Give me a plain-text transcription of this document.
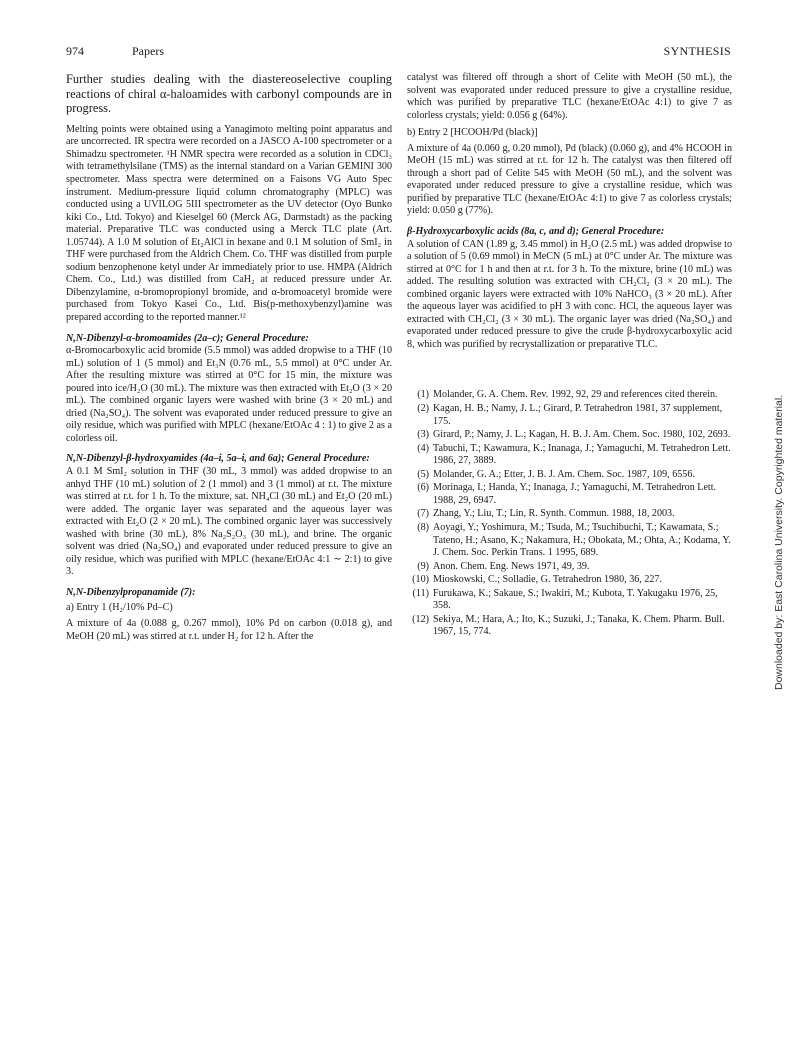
974	Papers	SYNTHESIS

Further studies dealing with the diastereoselective coupling reactions of chiral α-haloamides with carbonyl compounds are in progress.

Melting points were obtained using a Yanagimoto melting point apparatus and are uncorrected. IR spectra were recorded on a JASCO A-100 spectrometer or a Shimadzu spectrometer. ¹H NMR spectra were recorded as a solution in CDCl₃ with tetramethylsilane (TMS) as the internal standard on a Varian GEMINI 300 spectrometer. Mass spectra were determined on a Faisons VG Auto Spec instrument. Medium-pressure liquid column chromatography (MPLC) was conducted using a UVILOG 5III spectrometer as the UV detector (Oyo Bunko kiki Co., Ltd. Tokyo) and Kieselgel 60 (Merck AG, Darmstadt) as the packing material. Preparative TLC was conducted using a Merck TLC plate (Art. 1.05744). A 1.0 M solution of Et₂AlCl in hexane and 0.1 M solution of SmI₂ in THF were purchased from the Aldrich Chem. Co. THF was distilled from purple sodium benzophenone ketyl under Ar immediately prior to use. HMPA (Aldrich Chem. Co., Ltd.) was distilled from CaH₂ at reduced pressure under Ar. Dibenzylamine, α-bromopropionyl bromide, and α-bromoacetyl bromide were purchased from Tokyo Kasei Co., Ltd. Bis(p-methoxybenzyl)amine was prepared according to the reported manner.¹²

N,N-Dibenzyl-α-bromoamides (2a–c); General Procedure:

α-Bromocarboxylic acid bromide (5.5 mmol) was added dropwise to a THF (10 mL) solution of 1 (5 mmol) and Et₃N (0.76 mL, 5.5 mmol) at 0°C under Ar. After the resulting mixture was stirred at 0°C for 15 min, the mixture was poured into ice/H₂O (30 mL). The mixture was then extracted with Et₂O (3 × 20 mL). The combined organic layers were washed with brine (3 × 20 mL) and dried (Na₂SO₄). The solvent was evaporated under reduced pressure to give an oily residue, which was purified with MPLC (hexane/EtOAc 4 : 1) to give 2 as a colorless oil.

N,N-Dibenzyl-β-hydroxyamides (4a–i, 5a–i, and 6a); General Procedure:

A 0.1 M SmI₂ solution in THF (30 mL, 3 mmol) was added dropwise to an anhyd THF (10 mL) solution of 2 (1 mmol) and 3 (1 mmol) at r.t. The mixture was stirred at r.t. for 1 h. To the mixture, sat. NH₄Cl (30 mL) and Et₂O (20 mL) were added. The organic layer was separated and the aqueous layer was extracted with Et₂O (2 × 20 mL). The combined organic layer was successively washed with brine (30 mL), 8% Na₂S₂O₃ (30 mL), and brine. The organic solvent was dried (Na₂SO₄) and evaporated under reduced pressure to give an oily residue, which was purified with MPLC (hexane/EtOAc 4:1 ∼ 2:1) to give 3.

N,N-Dibenzylpropanamide (7):

a) Entry 1 (H₂/10% Pd–C)

A mixture of 4a (0.088 g, 0.267 mmol), 10% Pd on carbon (0.018 g), and MeOH (20 mL) was stirred at r.t. under H₂ for 12 h. After the

catalyst was filtered off through a short of Celite with MeOH (50 mL), the solvent was evaporated under reduced pressure to give a crystalline residue, which was purified by preparative TLC (hexane/EtOAc 4:1) to give 7 as colorless crystals; yield: 0.056 g (64%).

b) Entry 2 [HCOOH/Pd (black)]

A mixture of 4a (0.060 g, 0.20 mmol), Pd (black) (0.060 g), and 4% HCOOH in MeOH (15 mL) was stirred at r.t. for 12 h. The catalyst was then filtered off through a short pad of Celite 545 with MeOH (50 mL), and the solvent was evaporated under reduced pressure to give a crystalline residue, which was purified by preparative TLC (hexane/EtOAc 4:1) to give 7 as colorless crystals; yield: 0.050 g (77%).

β-Hydroxycarboxylic acids (8a, c, and d); General Procedure:

A solution of CAN (1.89 g, 3.45 mmol) in H₂O (2.5 mL) was added dropwise to a solution of 5 (0.69 mmol) in MeCN (5 mL) at 0°C under Ar. The mixture was stirred at 0°C for 1 h and then at r.t. for 3 h. To the mixture, brine (10 mL) was added. The resulting solution was extracted with CH₂Cl₂ (3 × 20 mL). The combined organic layers were extracted with 10% NaHCO₃ (3 × 20 mL). After the aqueous layer was acidified to pH 3 with conc. HCl, the aqueous layer was extracted with CH₂Cl₂ (3 × 30 mL). The organic layer was dried (Na₂SO₄) and evaporated under reduced pressure to give the crude β-hydroxycarboxylic acid 8, which was purified by recrystallization or preparative TLC.

(1) Molander, G. A. Chem. Rev. 1992, 92, 29 and references cited therein.
(2) Kagan, H. B.; Namy, J. L.; Girard, P. Tetrahedron 1981, 37 supplement, 175.
(3) Girard, P.; Namy, J. L.; Kagan, H. B. J. Am. Chem. Soc. 1980, 102, 2693.
(4) Tabuchi, T.; Kawamura, K.; Inanaga, J.; Yamaguchi, M. Tetrahedron Lett. 1986, 27, 3889.
(5) Molander, G. A.; Etter, J. B. J. Am. Chem. Soc. 1987, 109, 6556.
(6) Morinaga, I.; Handa, Y.; Inanaga, J.; Yamaguchi, M. Tetrahedron Lett. 1988, 29, 6947.
(7) Zhang, Y.; Liu, T.; Lin, R. Synth. Commun. 1988, 18, 2003.
(8) Aoyagi, Y.; Yoshimura, M.; Tsuda, M.; Tsuchibuchi, T.; Kawamata, S.; Tateno, H.; Asano, K.; Nakamura, H.; Obokata, M.; Ohta, A.; Kodama, Y. J. Chem. Soc. Perkin Trans. 1 1995, 689.
(9) Anon. Chem. Eng. News 1971, 49, 39.
(10) Mioskowski, C.; Solladie, G. Tetrahedron 1980, 36, 227.
(11) Furukawa, K.; Sakaue, S.; Iwakiri, M.; Kubota, T. Yakugaku 1976, 25, 358.
(12) Sekiya, M.; Hara, A.; Ito, K.; Suzuki, J.; Tanaka, K. Chem. Pharm. Bull. 1967, 15, 774.	Downloaded by: East Carolina University. Copyrighted material.
